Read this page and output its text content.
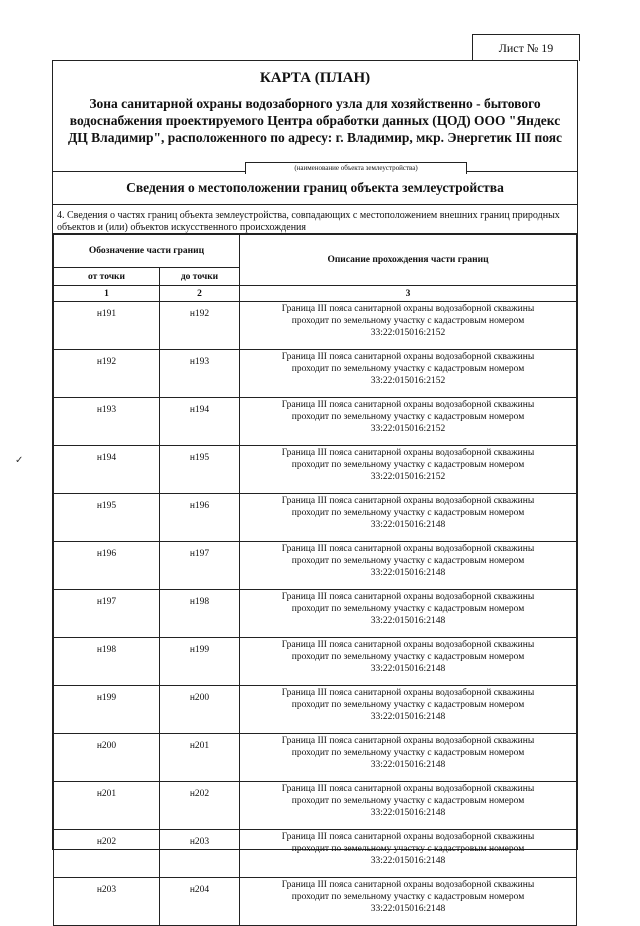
Лист № 19
КАРТА (ПЛАН)
Зона санитарной охраны водозаборного узла для хозяйственно - бытового водоснабжения проектируемого Центра обработки данных (ЦОД) ООО "Яндекс ДЦ Владимир", расположенного по адресу: г. Владимир, мкр. Энергетик III пояс
(наименование объекта землеустройства)
Сведения о местоположении границ объекта землеустройства
4. Сведения о частях границ объекта землеустройства, совпадающих с местоположением внешних границ природных объектов и (или) объектов искусственного происхождения
Обозначение части границ		Описание прохождения части границ
от точки	до точки	
1	2	3
н191	н192	Граница III пояса санитарной охраны водозаборной скважины
проходит по земельному участку с кадастровым номером
33:22:015016:2152

н192	н193	Граница III пояса санитарной охраны водозаборной скважины
проходит по земельному участку с кадастровым номером
33:22:015016:2152

н193	н194	Граница III пояса санитарной охраны водозаборной скважины
проходит по земельному участку с кадастровым номером
33:22:015016:2152

н194	н195	Граница III пояса санитарной охраны водозаборной скважины
проходит по земельному участку с кадастровым номером
33:22:015016:2152

н195	н196	Граница III пояса санитарной охраны водозаборной скважины
проходит по земельному участку с кадастровым номером
33:22:015016:2148

н196	н197	Граница III пояса санитарной охраны водозаборной скважины
проходит по земельному участку с кадастровым номером
33:22:015016:2148

н197	н198	Граница III пояса санитарной охраны водозаборной скважины
проходит по земельному участку с кадастровым номером
33:22:015016:2148

н198	н199	Граница III пояса санитарной охраны водозаборной скважины
проходит по земельному участку с кадастровым номером
33:22:015016:2148

н199	н200	Граница III пояса санитарной охраны водозаборной скважины
проходит по земельному участку с кадастровым номером
33:22:015016:2148

н200	н201	Граница III пояса санитарной охраны водозаборной скважины
проходит по земельному участку с кадастровым номером
33:22:015016:2148

н201	н202	Граница III пояса санитарной охраны водозаборной скважины
проходит по земельному участку с кадастровым номером
33:22:015016:2148

н202	н203	Граница III пояса санитарной охраны водозаборной скважины
проходит по земельному участку с кадастровым номером
33:22:015016:2148

н203	н204	Граница III пояса санитарной охраны водозаборной скважины
проходит по земельному участку с кадастровым номером
33:22:015016:2148
✓
